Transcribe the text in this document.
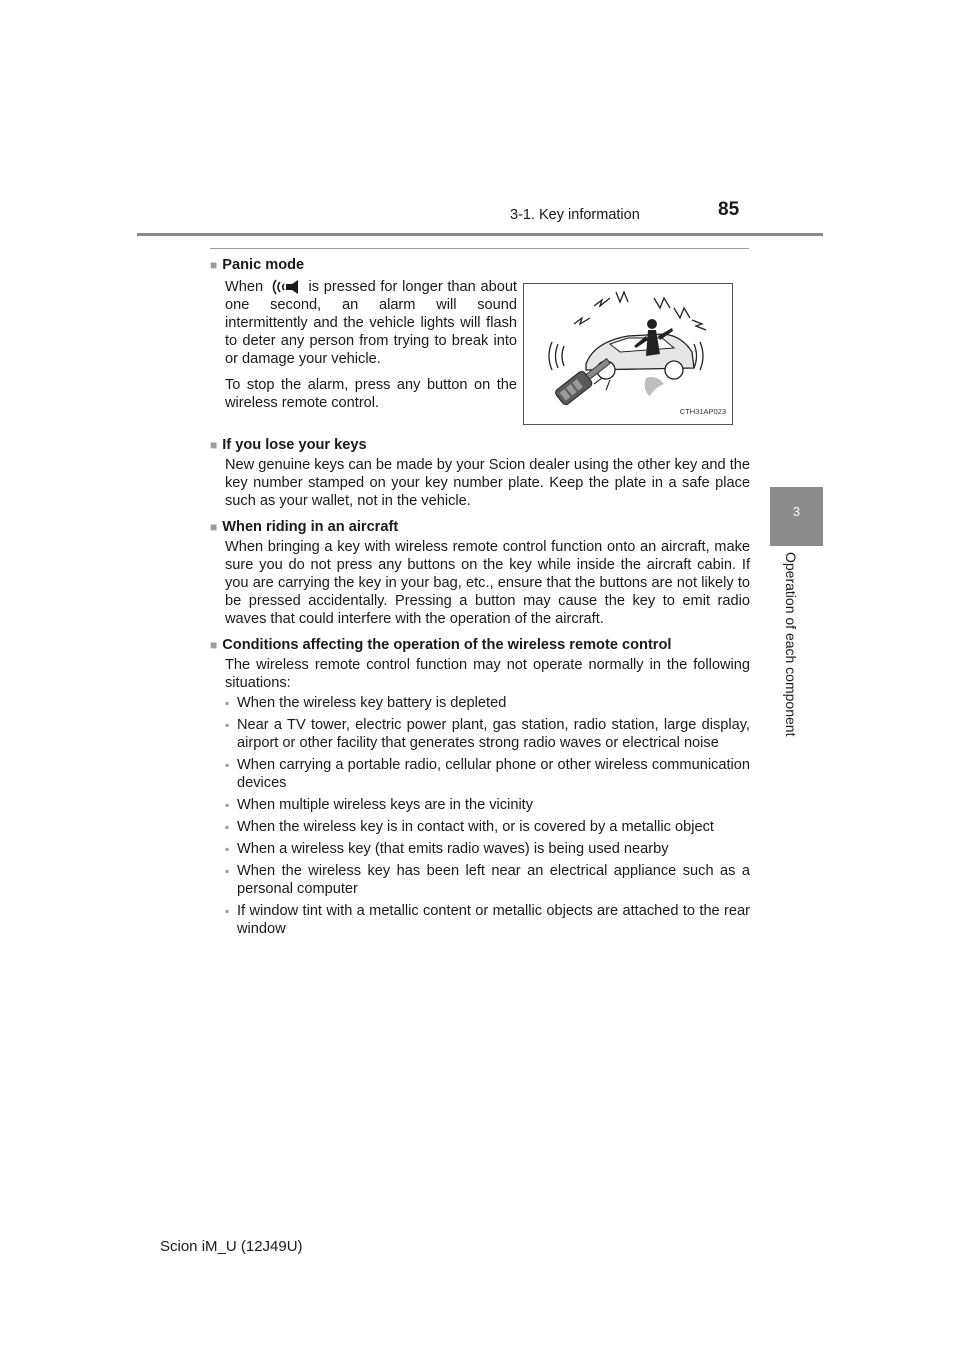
3-1. Key information	85
3
Operation of each component

■ Panic mode

When	is pressed for longer than about one second, an alarm will sound intermittently and the vehicle lights will flash to deter any person from trying to break into or damage your vehicle.

To stop the alarm, press any button on the wireless remote control.

CTH31AP023

■ If you lose your keys

New genuine keys can be made by your Scion dealer using the other key and the key number stamped on your key number plate. Keep the plate in a safe place such as your wallet, not in the vehicle.

■ When riding in an aircraft

When bringing a key with wireless remote control function onto an aircraft, make sure you do not press any buttons on the key while inside the aircraft cabin. If you are carrying the key in your bag, etc., ensure that the buttons are not likely to be pressed accidentally. Pressing a button may cause the key to emit radio waves that could interfere with the operation of the aircraft.

■ Conditions affecting the operation of the wireless remote control

The wireless remote control function may not operate normally in the following situations:

▪ When the wireless key battery is depleted
▪ Near a TV tower, electric power plant, gas station, radio station, large display, airport or other facility that generates strong radio waves or electrical noise
▪ When carrying a portable radio, cellular phone or other wireless communication devices
▪ When multiple wireless keys are in the vicinity
▪ When the wireless key is in contact with, or is covered by a metallic object
▪ When a wireless key (that emits radio waves) is being used nearby
▪ When the wireless key has been left near an electrical appliance such as a personal computer
▪ If window tint with a metallic content or metallic objects are attached to the rear window
Scion iM_U (12J49U)
